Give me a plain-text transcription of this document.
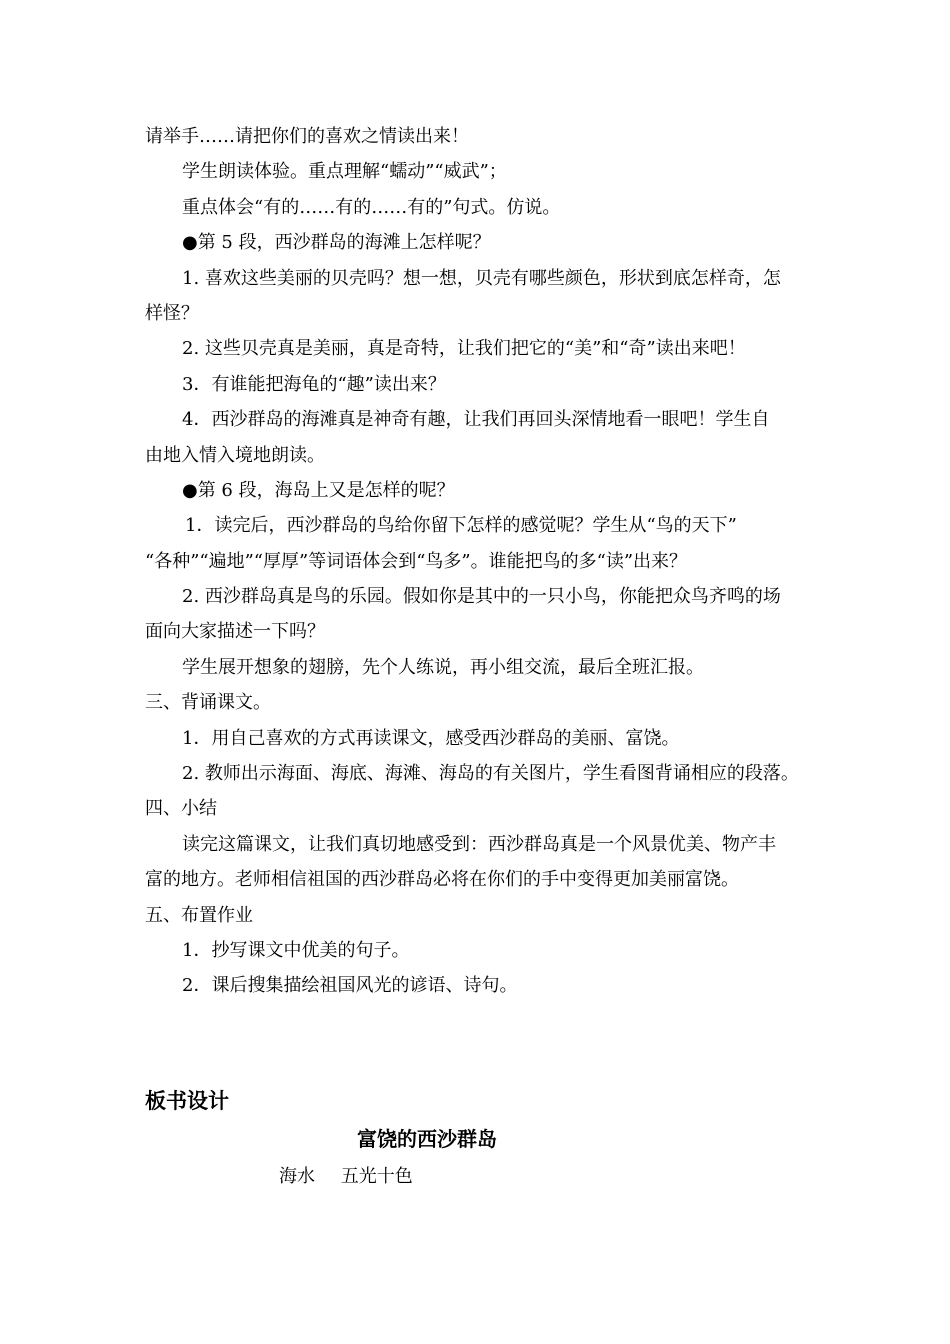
请举手……请把你们的喜欢之情读出来！
学生朗读体验。重点理解“蠕动”“威武”；
重点体会“有的……有的……有的”句式。仿说。
●第 5 段，西沙群岛的海滩上怎样呢？
1. 喜欢这些美丽的贝壳吗？想一想，贝壳有哪些颜色，形状到底怎样奇，怎
样怪？
2. 这些贝壳真是美丽，真是奇特，让我们把它的“美”和“奇”读出来吧！
3．有谁能把海龟的“趣”读出来？
4．西沙群岛的海滩真是神奇有趣，让我们再回头深情地看一眼吧！学生自
由地入情入境地朗读。
●第 6 段，海岛上又是怎样的呢？
1．读完后，西沙群岛的鸟给你留下怎样的感觉呢？学生从“鸟的天下”
“各种”“遍地”“厚厚”等词语体会到“鸟多”。谁能把鸟的多“读”出来？
2. 西沙群岛真是鸟的乐园。假如你是其中的一只小鸟，你能把众鸟齐鸣的场
面向大家描述一下吗？
学生展开想象的翅膀，先个人练说，再小组交流，最后全班汇报。
三、背诵课文。
1．用自己喜欢的方式再读课文，感受西沙群岛的美丽、富饶。
2. 教师出示海面、海底、海滩、海岛的有关图片，学生看图背诵相应的段落。
四、小结
读完这篇课文，让我们真切地感受到：西沙群岛真是一个风景优美、物产丰
富的地方。老师相信祖国的西沙群岛必将在你们的手中变得更加美丽富饶。
五、布置作业
1．抄写课文中优美的句子。
2．课后搜集描绘祖国风光的谚语、诗句。
板书设计
富饶的西沙群岛
海水 五光十色
